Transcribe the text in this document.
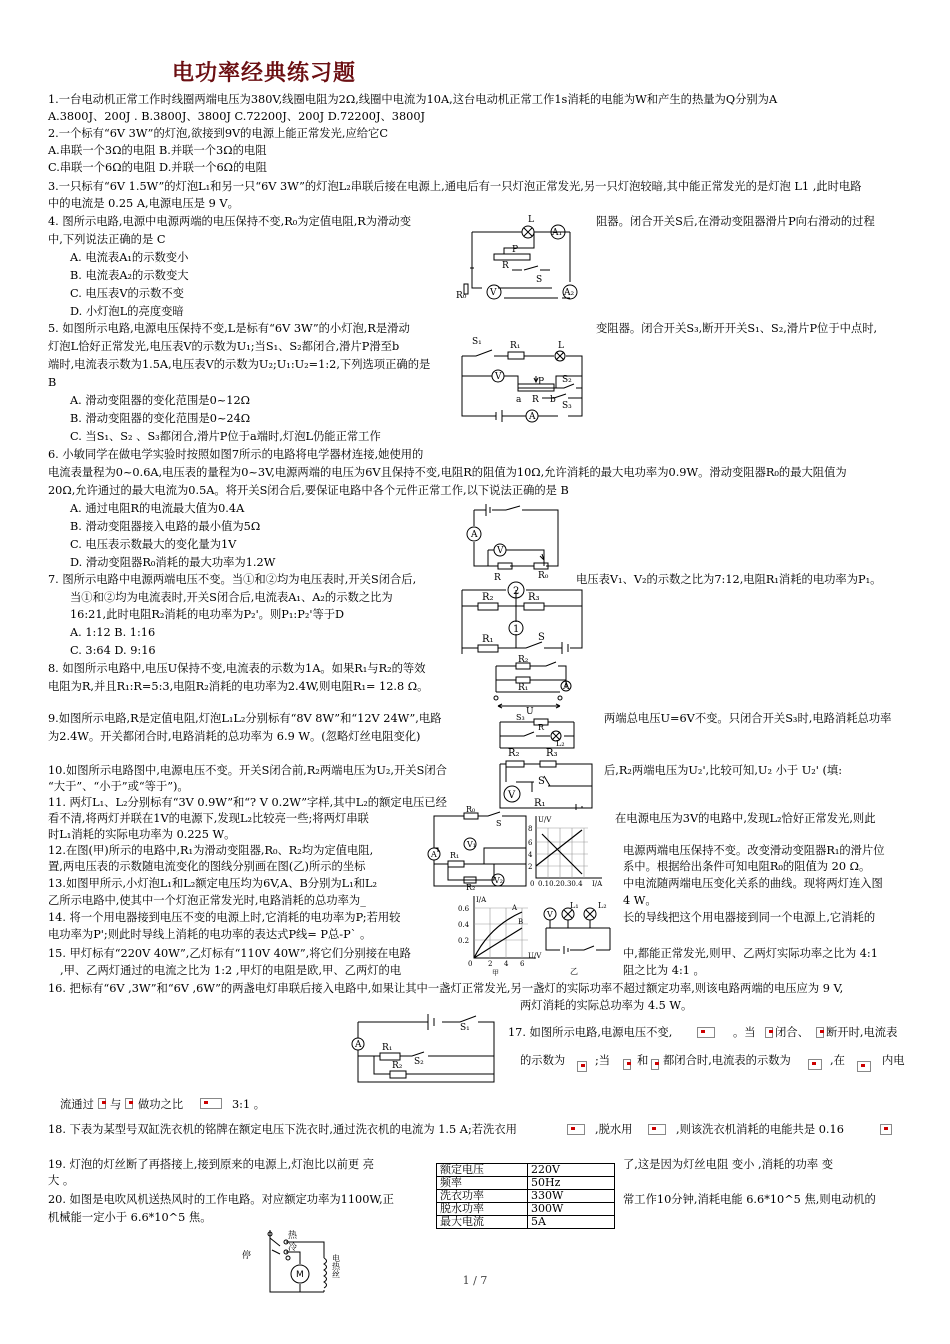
电功率经典练习题
1.一台电动机正常工作时线圈两端电压为380V,线圈电阻为2Ω,线圈中电流为10A,这台电动机正常工作1s消耗的电能为W和产生的热量为Q分别为A
A.3800J、200J . B.3800J、3800J C.72200J、200J D.72200J、3800J
2.一个标有“6V 3W”的灯泡,欲接到9V的电源上能正常发光,应给它C
A.串联一个3Ω的电阻 B.并联一个3Ω的电阻
C.串联一个6Ω的电阻 D.并联一个6Ω的电阻
3.一只标有“6V 1.5W”的灯泡L₁和另一只“6V 3W”的灯泡L₂串联后接在电源上,通电后有一只灯泡正常发光,另一只灯泡较暗,其中能正常发光的是灯泡 L1 ,此时电路
中的电流是 0.25 A,电源电压是 9 V。
4. 图所示电路,电源中电源两端的电压保持不变,R₀为定值电阻,R为滑动变	阻器。闭合开关S后,在滑动变阻器滑片P向右滑动的过程
中,下列说法正确的是 C
A. 电流表A₁的示数变小
B. 电流表A₂的示数变大
C. 电压表V的示数不变
D. 小灯泡L的亮度变暗
5. 如图所示电路,电源电压保持不变,L是标有“6V 3W”的小灯泡,R是滑动	变阻器。闭合开关S₃,断开开关S₁、S₂,滑片P位于中点时,
灯泡L恰好正常发光,电压表V的示数为U₁;当S₁、S₂都闭合,滑片P滑至b
端时,电流表示数为1.5A,电压表V的示数为U₂;U₁:U₂=1:2,下列选项正确的是
B
A. 滑动变阻器的变化范围是0~12Ω
B. 滑动变阻器的变化范围是0~24Ω
C. 当S₁、S₂ 、S₃都闭合,滑片P位于a端时,灯泡L仍能正常工作
6. 小敏同学在做电学实验时按照如图7所示的电路将电学器材连接,她使用的
电流表量程为0~0.6A,电压表的量程为0~3V,电源两端的电压为6V且保持不变,电阻R的阻值为10Ω,允许消耗的最大电功率为0.9W。滑动变阻器R₀的最大阻值为
20Ω,允许通过的最大电流为0.5A。将开关S闭合后,要保证电路中各个元件正常工作,以下说法正确的是 B
A. 通过电阻R的电流最大值为0.4A
B. 滑动变阻器接入电路的最小值为5Ω
C. 电压表示数最大的变化量为1V
D. 滑动变阻器R₀消耗的最大功率为1.2W
7. 图所示电路中电源两端电压不变。当①和②均为电压表时,开关S闭合后,	电压表V₁、V₂的示数之比为7:12,电阻R₁消耗的电功率为P₁。
当①和②均为电流表时,开关S闭合后,电流表A₁、A₂的示数之比为
16:21,此时电阻R₂消耗的电功率为P₂'。则P₁:P₂'等于D
A. 1:12 B. 1:16
C. 3:64 D. 9:16
8. 如图所示电路中,电压U保持不变,电流表的示数为1A。如果R₁与R₂的等效
电阻为R,并且R₁:R=5:3,电阻R₂消耗的电功率为2.4W,则电阻R₁= 12.8 Ω。
9.如图所示电路,R是定值电阻,灯泡L₁L₂分别标有“8V 8W”和“12V 24W”,电路	两端总电压U=6V不变。只闭合开关S₃时,电路消耗总功率
为2.4W。开关都闭合时,电路消耗的总功率为 6.9 W。(忽略灯丝电阻变化)
10.如图所示电路图中,电源电压不变。开关S闭合前,R₂两端电压为U₂,开关S闭合	后,R₂两端电压为U₂',比较可知,U₂ 小于 U₂' (填:
“大于”、“小于”或“等于”)。
11. 两灯L₁、L₂分别标有“3V 0.9W”和“? V 0.2W”字样,其中L₂的额定电压已经
看不清,将两灯并联在1V的电源下,发现L₂比较亮一些;将两灯串联	在电源电压为3V的电路中,发现L₂恰好正常发光,则此
时L₁消耗的实际电功率为 0.225 W。
12.在图(甲)所示的电路中,R₁为滑动变阻器,R₀、R₂均为定值电阻,	电源两端电压保持不变。改变滑动变阻器R₁的滑片位
置,两电压表的示数随电流变化的图线分别画在图(乙)所示的坐标	系中。根据给出条件可知电阻R₀的阻值为 20 Ω。
13.如图甲所示,小灯泡L₁和L₂额定电压均为6V,A、B分别为L₁和L₂	中电流随两端电压变化关系的曲线。现将两灯连入图
乙所示电路中,使其中一个灯泡正常发光时,电路消耗的总功率为_	4 W。
14. 将一个用电器接到电压不变的电源上时,它消耗的电功率为P;若用较	长的导线把这个用电器接到同一个电源上,它消耗的
电功率为P';则此时导线上消耗的电功率的表达式P线= P总-P` 。
15. 甲灯标有“220V 40W”,乙灯标有“110V 40W”,将它们分别接在电路	中,都能正常发光,则甲、乙两灯实际功率之比为 4:1
,甲、乙两灯通过的电流之比为 1:2 ,甲灯的电阻是欧,甲、乙两灯的电	阻之比为 4:1 。
16. 把标有“6V ,3W”和“6V ,6W”的两盏电灯串联后接入电路中,如果让其中一盏灯正常发光,另一盏灯的实际功率不超过额定功率,则该电路两端的电压应为 9 V,
两灯消耗的实际总功率为 4.5 W。
17. 如图所示电路,电源电压不变,	。当 闭合、 断开时,电流表
的示数为	;当 和 都闭合时,电流表的示数为	,在	内电
流通过 与 做功之比	3:1 。
18. 下表为某型号双缸洗衣机的铭牌在额定电压下洗衣时,通过洗衣机的电流为 1.5 A;若洗衣用	,脱水用	,则该洗衣机消耗的电能共是 0.16
19. 灯泡的灯丝断了再搭接上,接到原来的电源上,灯泡比以前更 亮	了,这是因为灯丝电阻 变小 ,消耗的功率 变
大 。
20. 如图是电吹风机送热风时的工作电路。对应额定功率为1100W,正	常工作10分钟,消耗电能 6.6*10^5 焦,则电动机的
机械能一定小于 6.6*10^5 焦。
额定电压	220V
频率	50Hz
洗衣功率	330W
脱水功率	300W
最大电流	5A
L
A₁
P
R
S
R₀	V	A₂
S₁	R₁	L
V	P S₂
a R b
S₃
A
A
V
R	R₀
R₂	R₃
R₁	S
1
2
R₂
R₁	A
U
S₃
L₂
R
R₂	R₃
V
S
R₁
R₀
S
V₁
R₁
V₂
R₂
A
8
6
4
2
0 0.10.20.30.4
U/V
I/A
0.6
0.4
0.2
I/A
A
B
0 2 4 6
U/V
甲
L₁ L₂
V
乙
S₁
A R₁
S₂
R₂
热
冷
停
M	电热丝
1 / 7
